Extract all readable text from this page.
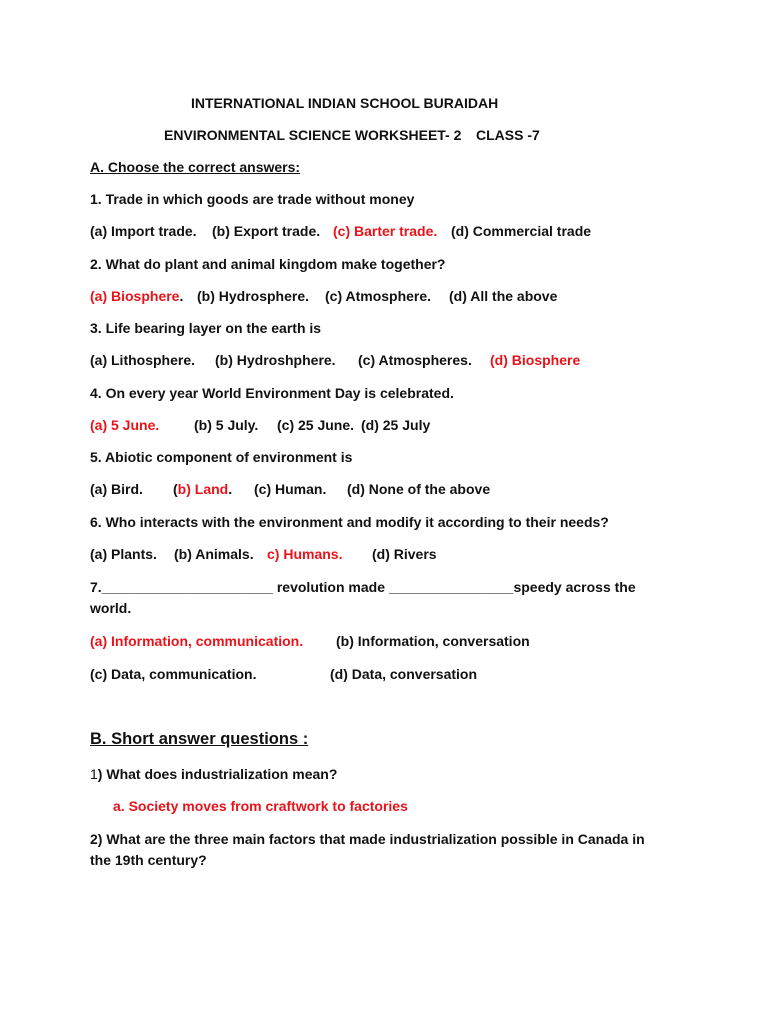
INTERNATIONAL INDIAN SCHOOL BURAIDAH
ENVIRONMENTAL SCIENCE WORKSHEET- 2 CLASS -7
A. Choose the correct answers:
1. Trade in which goods are trade without money
(a) Import trade. (b) Export trade. (c) Barter trade. (d) Commercial trade
2. What do plant and animal kingdom make together?
(a) Biosphere. (b) Hydrosphere. (c) Atmosphere. (d) All the above
3. Life bearing layer on the earth is
(a) Lithosphere. (b) Hydroshphere. (c) Atmospheres. (d) Biosphere
4. On every year World Environment Day is celebrated.
(a) 5 June. (b) 5 July. (c) 25 June. (d) 25 July
5. Abiotic component of environment is
(a) Bird. (b) Land. (c) Human. (d) None of the above
6. Who interacts with the environment and modify it according to their needs?
(a) Plants. (b) Animals. c) Humans. (d) Rivers
7.______________________ revolution made ________________speedy across the
world.
(a) Information, communication. (b) Information, conversation
(c) Data, communication.	(d) Data, conversation
B. Short answer questions :
1) What does industrialization mean?
a. Society moves from craftwork to factories
2) What are the three main factors that made industrialization possible in Canada in
the 19th century?
